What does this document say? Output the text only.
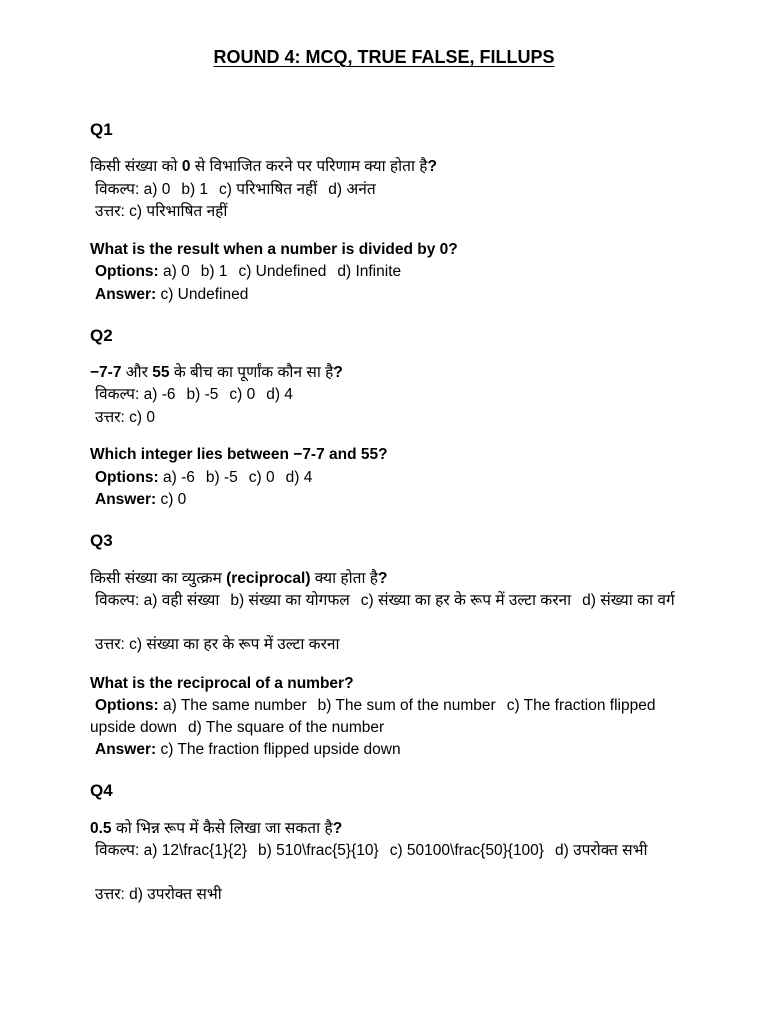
ROUND 4: MCQ, TRUE FALSE, FILLUPS
Q1
किसी संख्या को 0 से विभाजित करने पर परिणाम क्या होता है?
विकल्प: a) 0 b) 1 c) परिभाषित नहीं d) अनंत
उत्तर: c) परिभाषित नहीं
What is the result when a number is divided by 0?
Options: a) 0 b) 1 c) Undefined d) Infinite
Answer: c) Undefined
Q2
−7-7 और 55 के बीच का पूर्णांक कौन सा है?
विकल्प: a) -6 b) -5 c) 0 d) 4
उत्तर: c) 0
Which integer lies between −7-7 and 55?
Options: a) -6 b) -5 c) 0 d) 4
Answer: c) 0
Q3
किसी संख्या का व्युत्क्रम (reciprocal) क्या होता है?
विकल्प: a) वही संख्या b) संख्या का योगफल c) संख्या का हर के रूप में उल्टा करना d) संख्या का वर्ग
उत्तर: c) संख्या का हर के रूप में उल्टा करना
What is the reciprocal of a number?
Options: a) The same number b) The sum of the number c) The fraction flipped upside down d) The square of the number
Answer: c) The fraction flipped upside down
Q4
0.5 को भिन्न रूप में कैसे लिखा जा सकता है?
विकल्प: a) 12\frac{1}{2} b) 510\frac{5}{10} c) 50100\frac{50}{100} d) उपरोक्त सभी
उत्तर: d) उपरोक्त सभी
